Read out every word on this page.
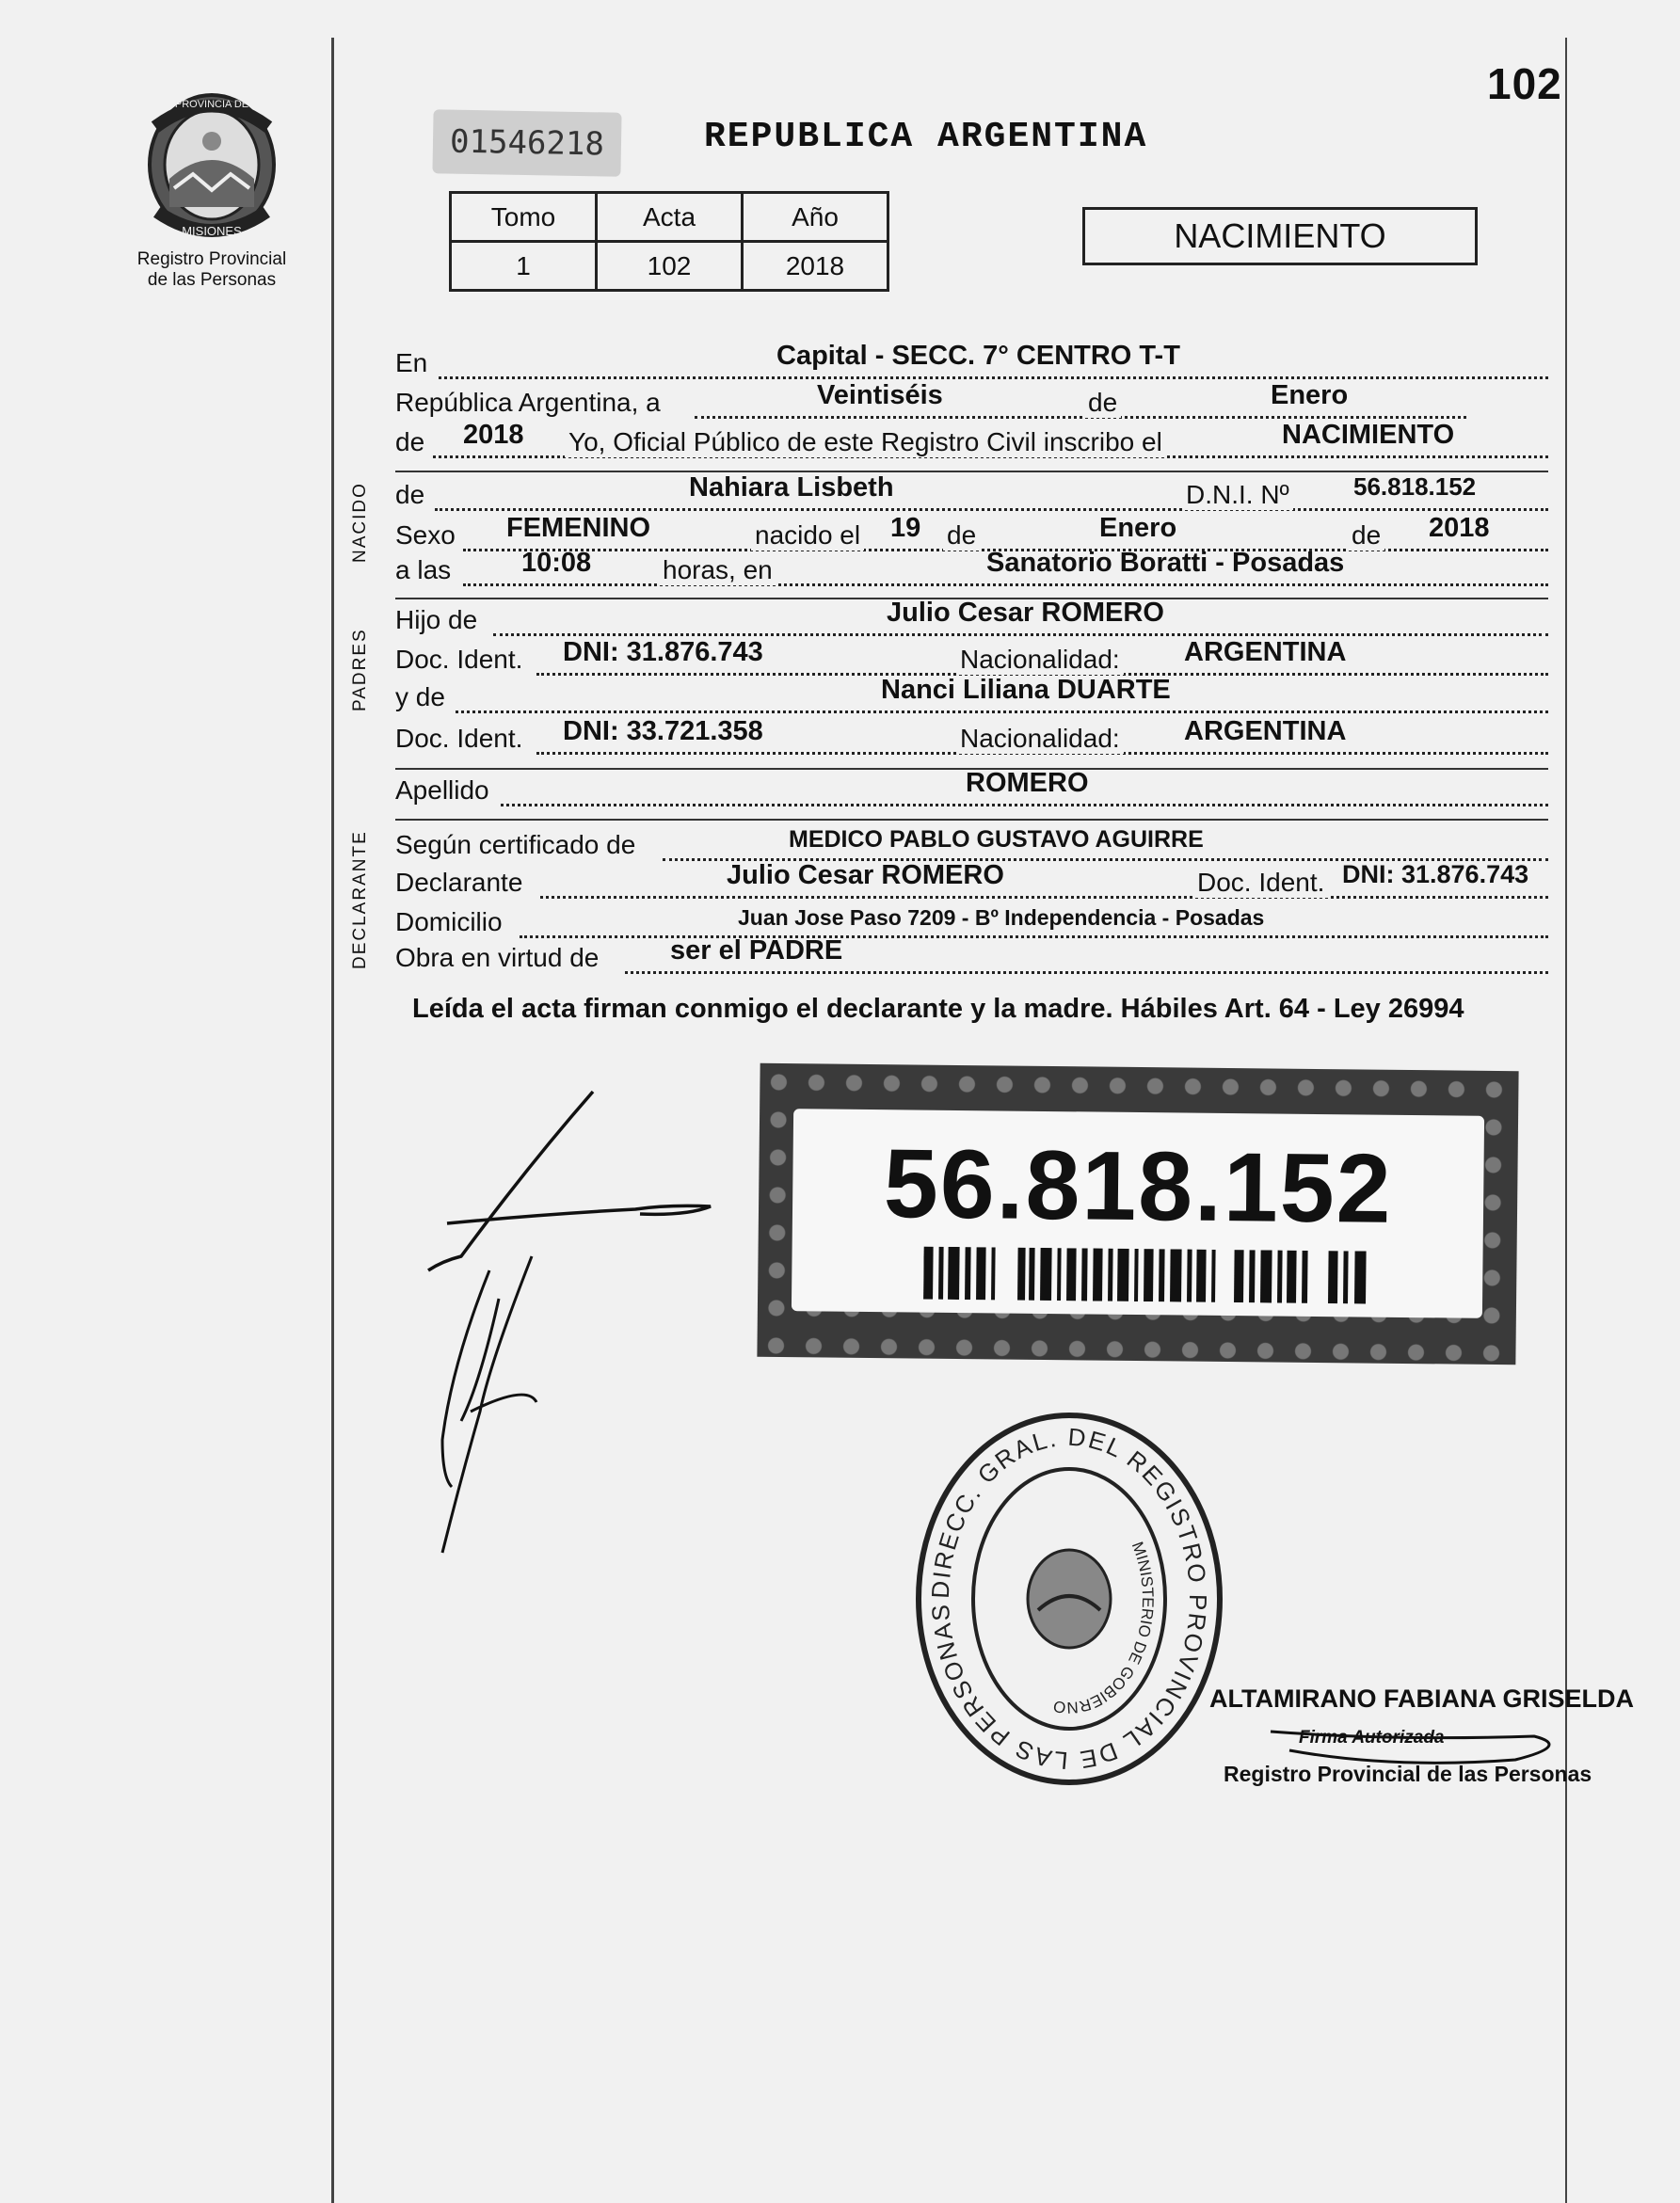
PROVINCIA DE
MISIONES
Registro Provincial
de las Personas
102
01546218	REPUBLICA ARGENTINA
Tomo	Acta	Año
1	102	2018
NACIMIENTO
En	Capital - SECC. 7° CENTRO T-T
República Argentina, a	Veintiséis	de	Enero
de 2018 Yo, Oficial Público de este Registro Civil inscribo el	NACIMIENTO
NACIDO de	Nahiara Lisbeth	D.N.I. Nº	56.818.152
Sexo FEMENINO	nacido el 19 de	Enero	de 2018
a las	10:08	horas, en	Sanatorio Boratti - Posadas
PADRES
Hijo de	Julio Cesar ROMERO
Doc. Ident. DNI: 31.876.743	Nacionalidad: ARGENTINA
y de	Nanci Liliana DUARTE
Doc. Ident. DNI: 33.721.358	Nacionalidad: ARGENTINA
Apellido	ROMERO
DECLARANTE Según certificado de	MEDICO PABLO GUSTAVO AGUIRRE
Declarante	Julio Cesar ROMERO	Doc. Ident. DNI: 31.876.743
Domicilio	Juan Jose Paso 7209 - Bº Independencia - Posadas
Obra en virtud de	ser el PADRE
Leída el acta firman conmigo el declarante y la madre. Hábiles Art. 64 - Ley 26994
56.818.152
DIRECC. GRAL. DEL REGISTRO PROVINCIAL DE LAS PERSONAS
MINISTERIO DE GOBIERNO	ALTAMIRANO FABIANA GRISELDA
Firma Autorizada
Registro Provincial de las Personas
